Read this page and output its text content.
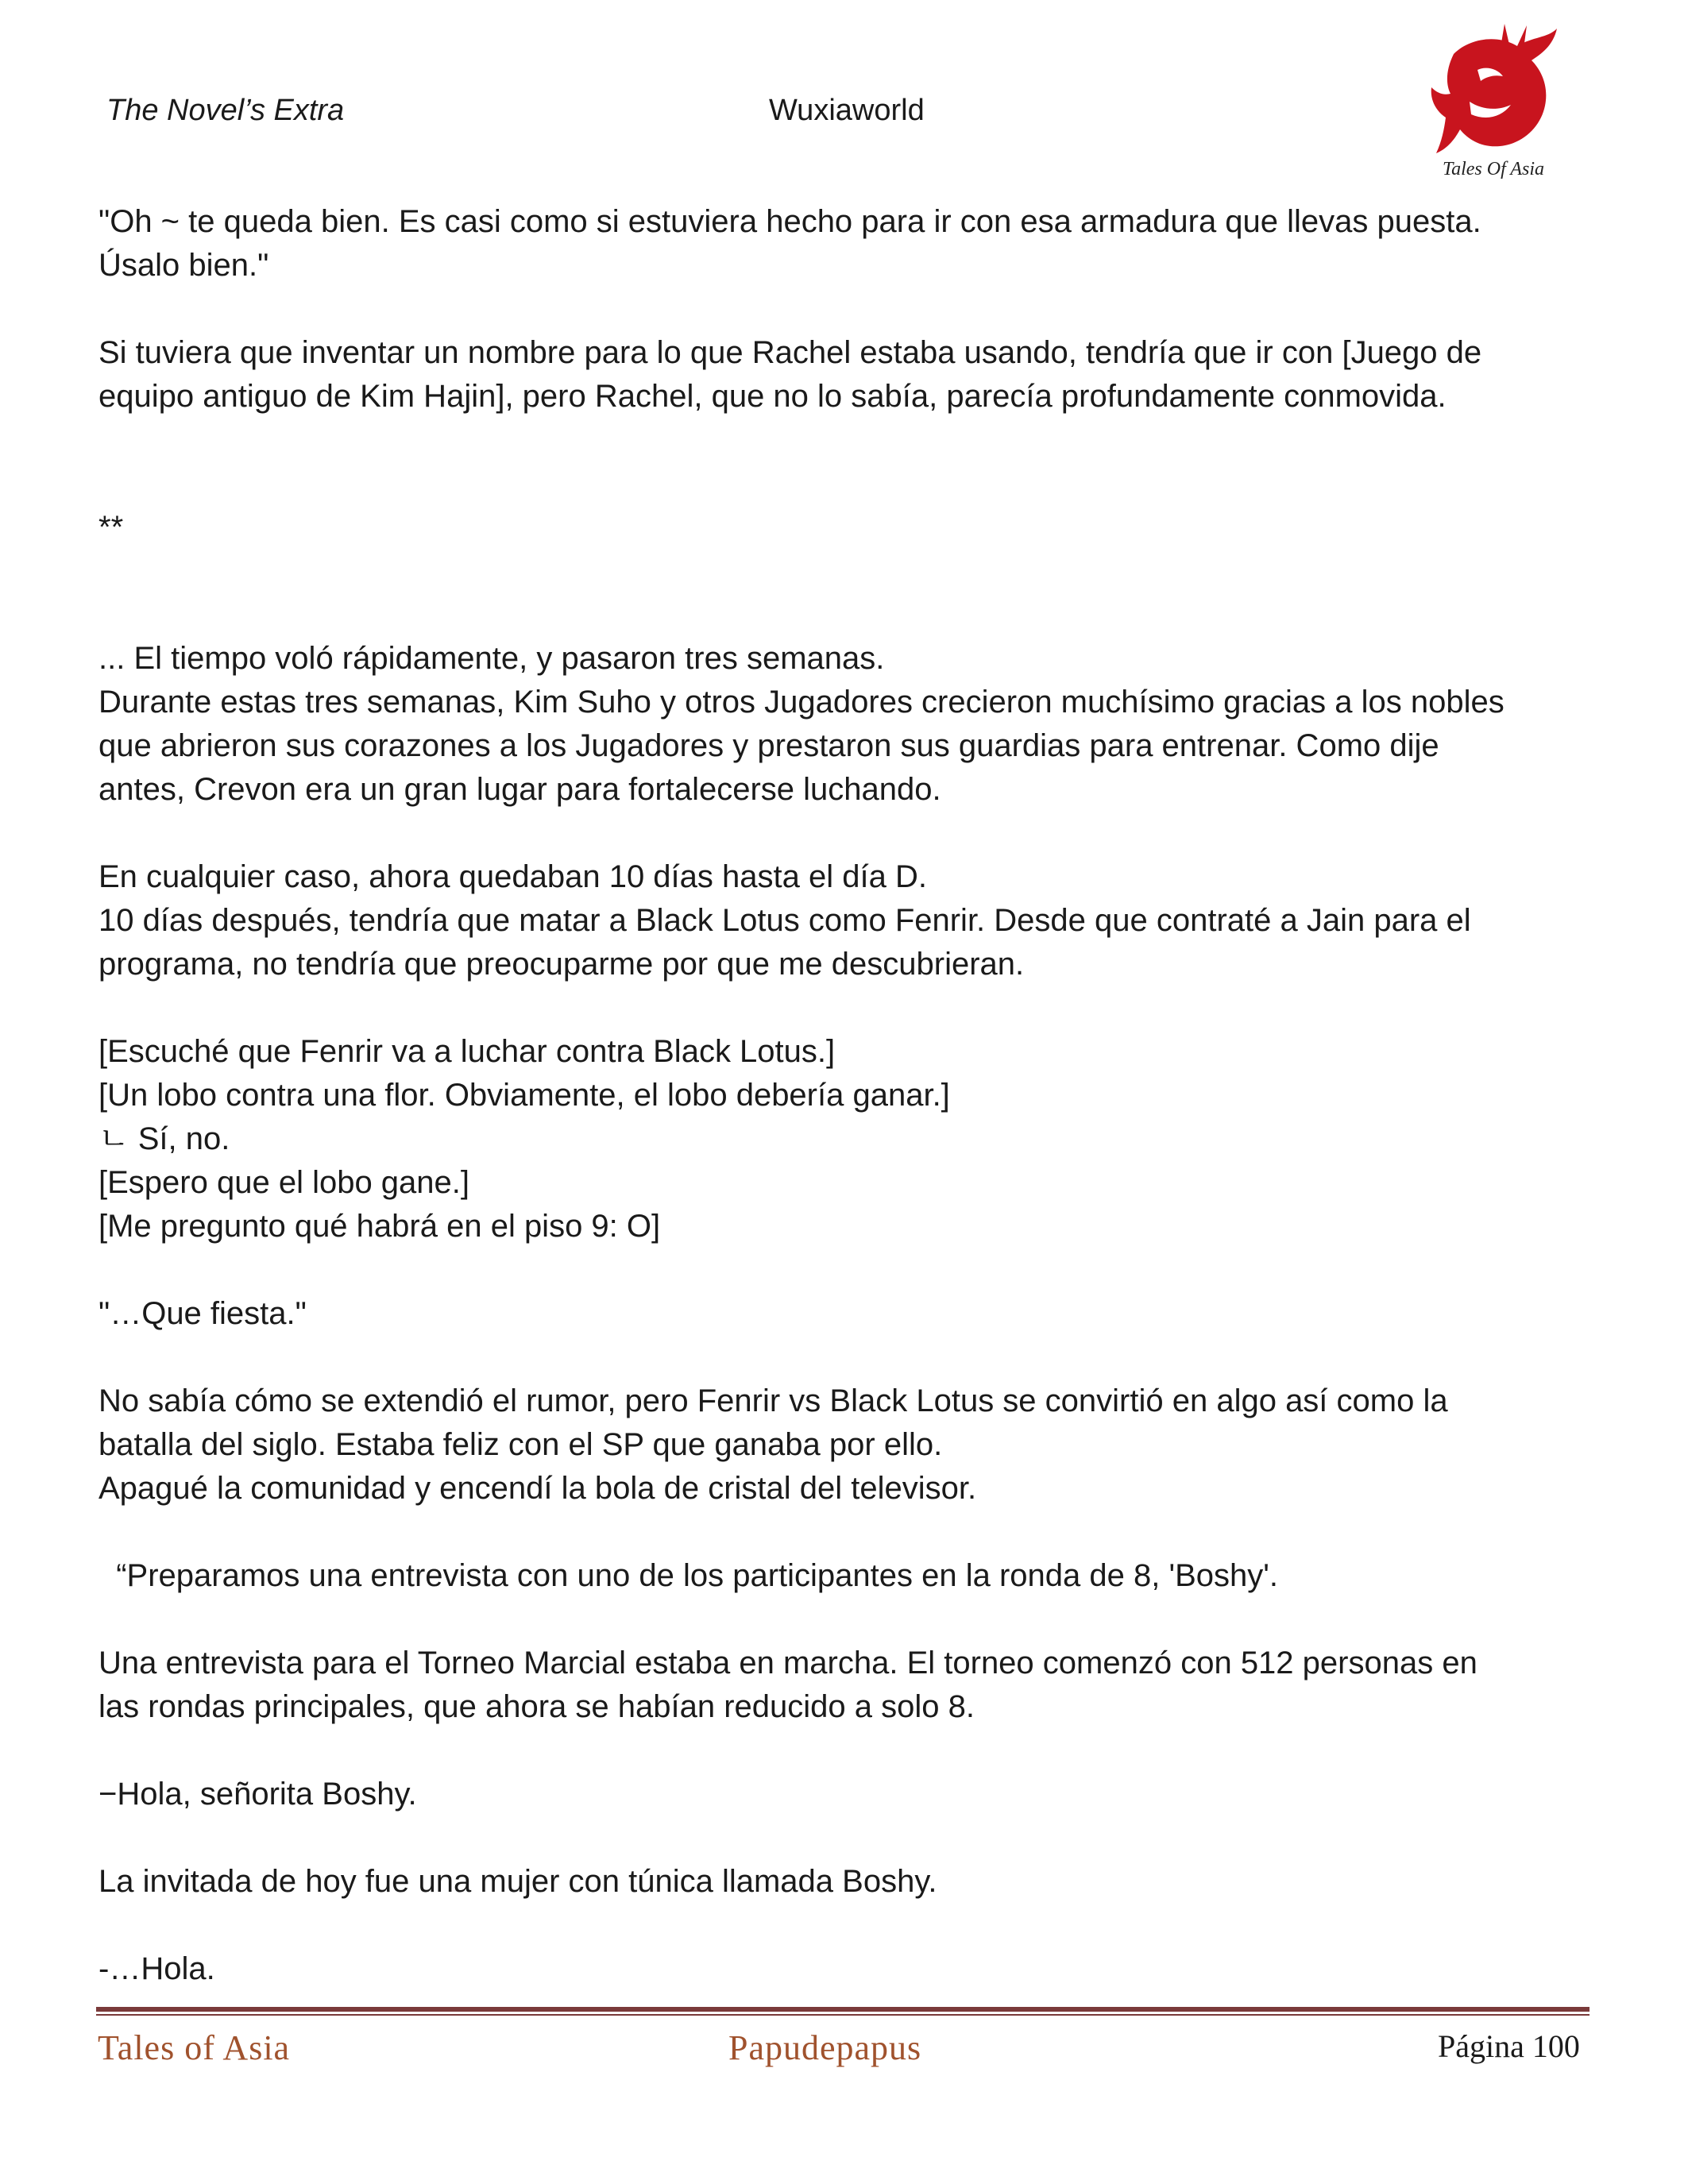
The Novel’s Extra	Wuxiaworld
Tales Of Asia
"Oh ~ te queda bien. Es casi como si estuviera hecho para ir con esa armadura que llevas puesta.
Úsalo bien."
Si tuviera que inventar un nombre para lo que Rachel estaba usando, tendría que ir con [Juego de
equipo antiguo de Kim Hajin], pero Rachel, que no lo sabía, parecía profundamente conmovida.
**
... El tiempo voló rápidamente, y pasaron tres semanas.
Durante estas tres semanas, Kim Suho y otros Jugadores crecieron muchísimo gracias a los nobles
que abrieron sus corazones a los Jugadores y prestaron sus guardias para entrenar. Como dije
antes, Crevon era un gran lugar para fortalecerse luchando.
En cualquier caso, ahora quedaban 10 días hasta el día D.
10 días después, tendría que matar a Black Lotus como Fenrir. Desde que contraté a Jain para el
programa, no tendría que preocuparme por que me descubrieran.
[Escuché que Fenrir va a luchar contra Black Lotus.]
[Un lobo contra una flor. Obviamente, el lobo debería ganar.]
ㄴ Sí, no.
[Espero que el lobo gane.]
[Me pregunto qué habrá en el piso 9: O]
"…Que fiesta."
No sabía cómo se extendió el rumor, pero Fenrir vs Black Lotus se convirtió en algo así como la
batalla del siglo. Estaba feliz con el SP que ganaba por ello.
Apagué la comunidad y encendí la bola de cristal del televisor.
“Preparamos una entrevista con uno de los participantes en la ronda de 8, 'Boshy'.
Una entrevista para el Torneo Marcial estaba en marcha. El torneo comenzó con 512 personas en
las rondas principales, que ahora se habían reducido a solo 8.
−Hola, señorita Boshy.
La invitada de hoy fue una mujer con túnica llamada Boshy.
-…Hola.
Tales of Asia	Papudepapus	Página 100
